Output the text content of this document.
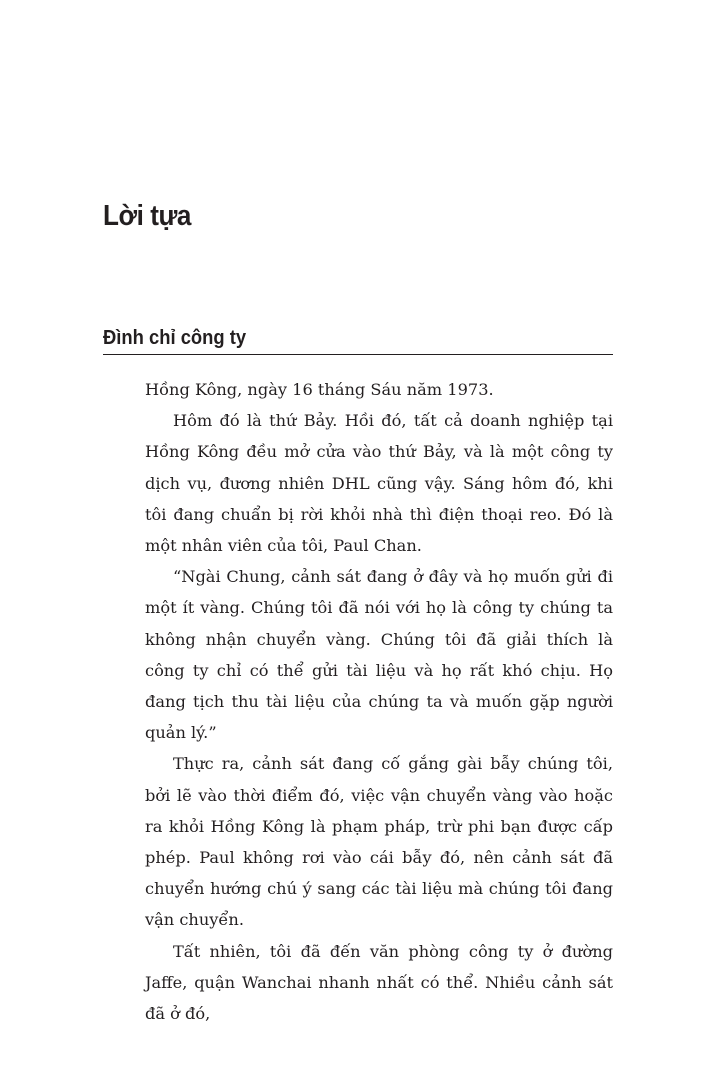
Lời tựa
Đình chỉ công ty

Hồng Kông, ngày 16 tháng Sáu năm 1973.

Hôm đó là thứ Bảy. Hồi đó, tất cả doanh nghiệp tại Hồng Kông đều mở cửa vào thứ Bảy, và là một công ty dịch vụ, đương nhiên DHL cũng vậy. Sáng hôm đó, khi tôi đang chuẩn bị rời khỏi nhà thì điện thoại reo. Đó là một nhân viên của tôi, Paul Chan.

“Ngài Chung, cảnh sát đang ở đây và họ muốn gửi đi một ít vàng. Chúng tôi đã nói với họ là công ty chúng ta không nhận chuyển vàng. Chúng tôi đã giải thích là công ty chỉ có thể gửi tài liệu và họ rất khó chịu. Họ đang tịch thu tài liệu của chúng ta và muốn gặp người quản lý.”

Thực ra, cảnh sát đang cố gắng gài bẫy chúng tôi, bởi lẽ vào thời điểm đó, việc vận chuyển vàng vào hoặc ra khỏi Hồng Kông là phạm pháp, trừ phi bạn được cấp phép. Paul không rơi vào cái bẫy đó, nên cảnh sát đã chuyển hướng chú ý sang các tài liệu mà chúng tôi đang vận chuyển.

Tất nhiên, tôi đã đến văn phòng công ty ở đường Jaffe, quận Wanchai nhanh nhất có thể. Nhiều cảnh sát đã ở đó,
